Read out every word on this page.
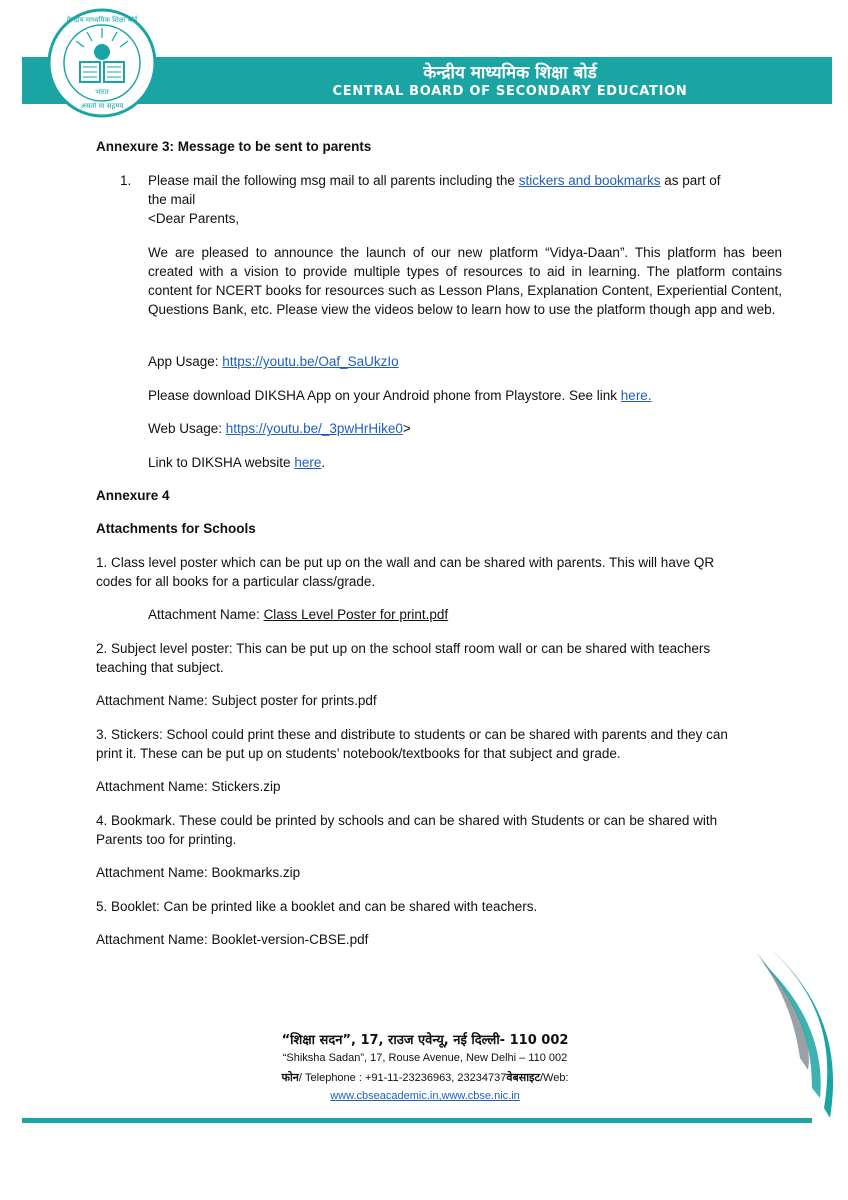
केन्द्रीय माध्यमिक शिक्षा बोर्ड
CENTRAL BOARD OF SECONDARY EDUCATION
केन्द्रीय माध्यमिक शिक्षा बोर्ड
भारत
असतो मा सद्गमय
Annexure 3: Message to be sent to parents
1. Please mail the following msg mail to all parents including the stickers and bookmarks as part of
the mail
<Dear Parents,
We are pleased to announce the launch of our new platform “Vidya-Daan”. This platform has been created with a vision to provide multiple types of resources to aid in learning. The platform contains content for NCERT books for resources such as Lesson Plans, Explanation Content, Experiential Content, Questions Bank, etc. Please view the videos below to learn how to use the platform though app and web.
App Usage: https://youtu.be/Oaf_SaUkzIo
Please download DIKSHA App on your Android phone from Playstore. See link here.
Web Usage: https://youtu.be/_3pwHrHike0>
Link to DIKSHA website here.
Annexure 4
Attachments for Schools
1. Class level poster which can be put up on the wall and can be shared with parents. This will have QR
codes for all books for a particular class/grade.
Attachment Name: Class Level Poster for print.pdf
2. Subject level poster: This can be put up on the school staff room wall or can be shared with teachers
teaching that subject.
Attachment Name: Subject poster for prints.pdf
3. Stickers: School could print these and distribute to students or can be shared with parents and they can
print it. These can be put up on students’ notebook/textbooks for that subject and grade.
Attachment Name: Stickers.zip
4. Bookmark. These could be printed by schools and can be shared with Students or can be shared with
Parents too for printing.
Attachment Name: Bookmarks.zip
5. Booklet: Can be printed like a booklet and can be shared with teachers.
Attachment Name: Booklet-version-CBSE.pdf
“शिक्षा सदन”, 17, राउज एवेन्यू, नई दिल्ली- 110 002
“Shiksha Sadan”, 17, Rouse Avenue, New Delhi – 110 002
फोन/ Telephone : +91-11-23236963, 23234737वेबसाइट/Web:
www.cbseacademic.in,www.cbse.nic.in
